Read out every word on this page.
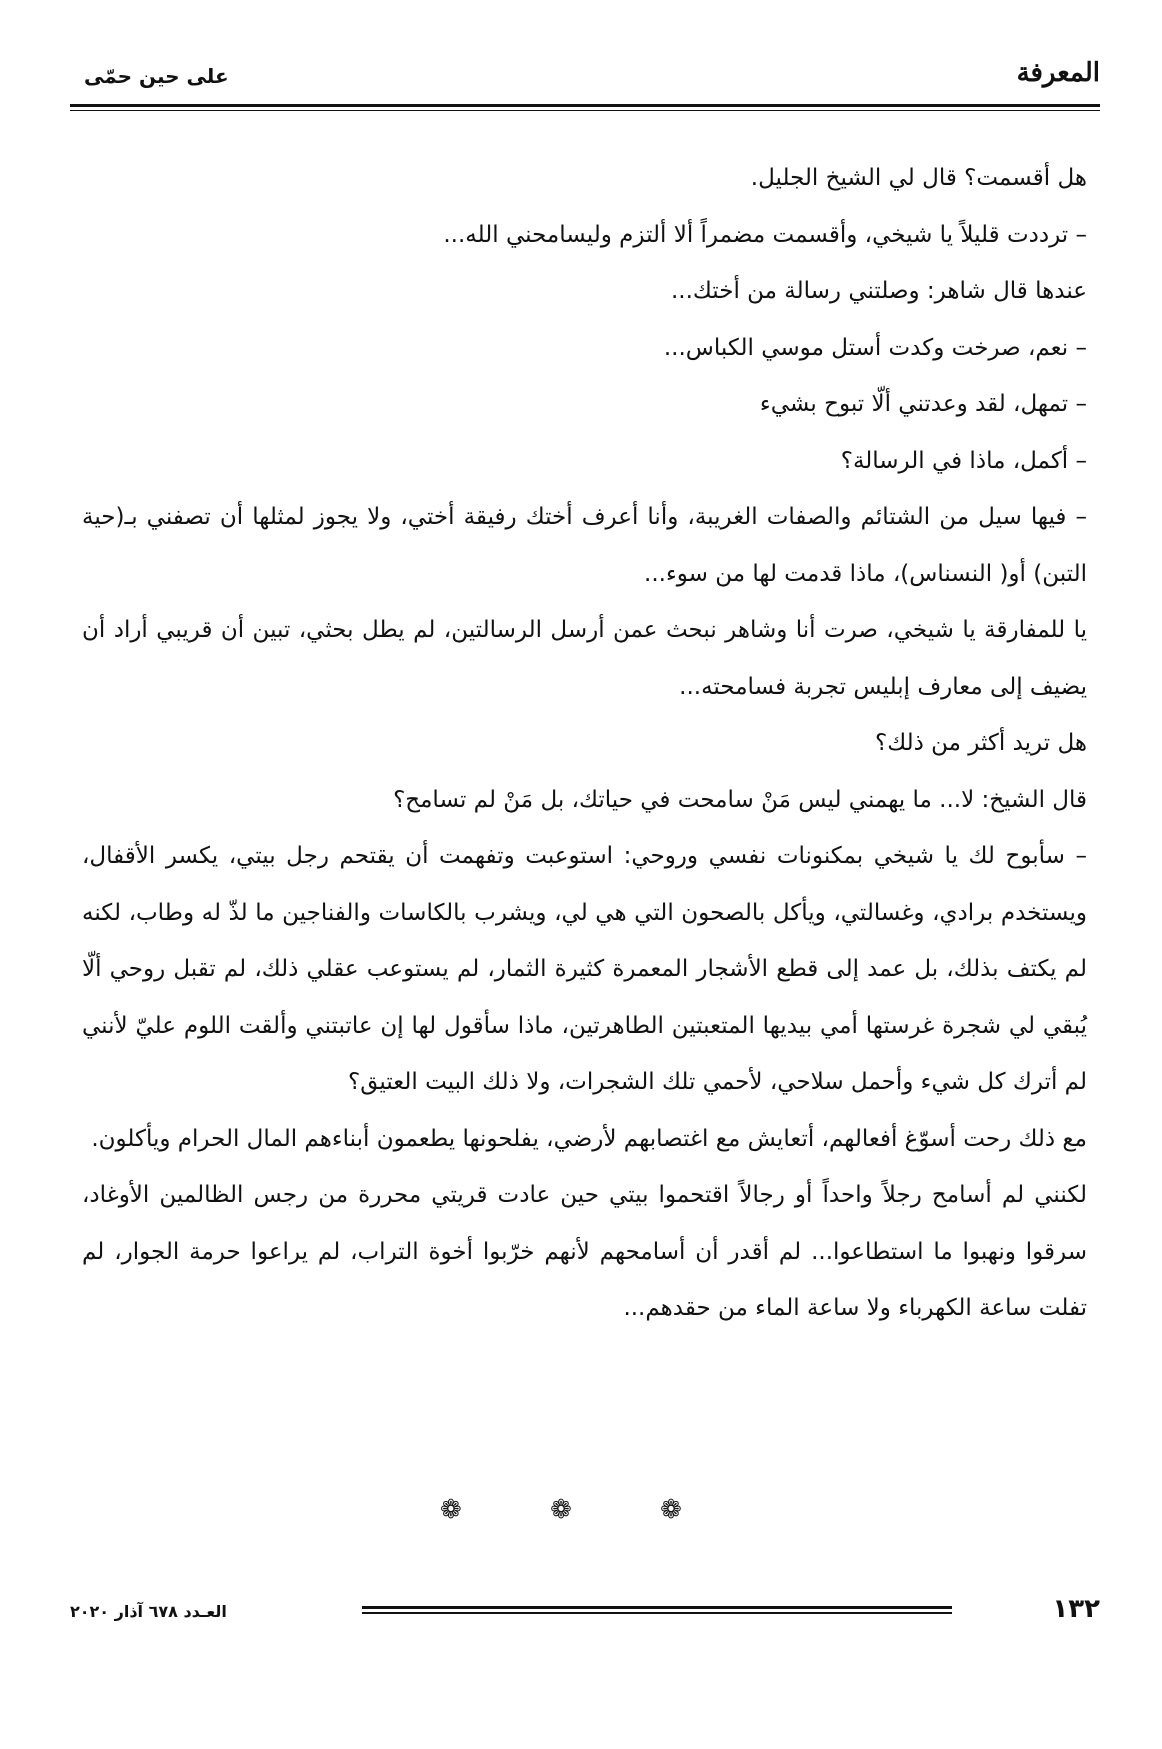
على حين حمّى	المعرفة

هل أقسمت؟ قال لي الشيخ الجليل.

– ترددت قليلاً يا شيخي، وأقسمت مضمراً ألا ألتزم وليسامحني الله...

عندها قال شاهر: وصلتني رسالة من أختك...

– نعم، صرخت وكدت أستل موسي الكباس...

– تمهل، لقد وعدتني ألّا تبوح بشيء

– أكمل، ماذا في الرسالة؟

– فيها سيل من الشتائم والصفات الغريبة، وأنا أعرف أختك رفيقة أختي، ولا يجوز لمثلها أن تصفني بـ(حية التبن) أو( النسناس)، ماذا قدمت لها من سوء...

يا للمفارقة يا شيخي، صرت أنا وشاهر نبحث عمن أرسل الرسالتين، لم يطل بحثي، تبين أن قريبي أراد أن يضيف إلى معارف إبليس تجربة فسامحته...

هل تريد أكثر من ذلك؟

قال الشيخ: لا... ما يهمني ليس مَنْ سامحت في حياتك، بل مَنْ لم تسامح؟

– سأبوح لك يا شيخي بمكنونات نفسي وروحي: استوعبت وتفهمت أن يقتحم رجل بيتي، يكسر الأقفال، ويستخدم برادي، وغسالتي، ويأكل بالصحون التي هي لي، ويشرب بالكاسات والفناجين ما لذّ له وطاب، لكنه لم يكتف بذلك، بل عمد إلى قطع الأشجار المعمرة كثيرة الثمار، لم يستوعب عقلي ذلك، لم تقبل روحي ألّا يُبقي لي شجرة غرستها أمي بيديها المتعبتين الطاهرتين، ماذا سأقول لها إن عاتبتني وألقت اللوم عليّ لأنني لم أترك كل شيء وأحمل سلاحي، لأحمي تلك الشجرات، ولا ذلك البيت العتيق؟

مع ذلك رحت أسوّغ أفعالهم، أتعايش مع اغتصابهم لأرضي، يفلحونها يطعمون أبناءهم المال الحرام ويأكلون.

لكنني لم أسامح رجلاً واحداً أو رجالاً اقتحموا بيتي حين عادت قريتي محررة من رجس الظالمين الأوغاد، سرقوا ونهبوا ما استطاعوا... لم أقدر أن أسامحهم لأنهم خرّبوا أخوة التراب، لم يراعوا حرمة الجوار، لم تفلت ساعة الكهرباء ولا ساعة الماء من حقدهم...

❁ ❁ ❁
العـدد ٦٧٨ آذار ٢٠٢٠	١٣٢
